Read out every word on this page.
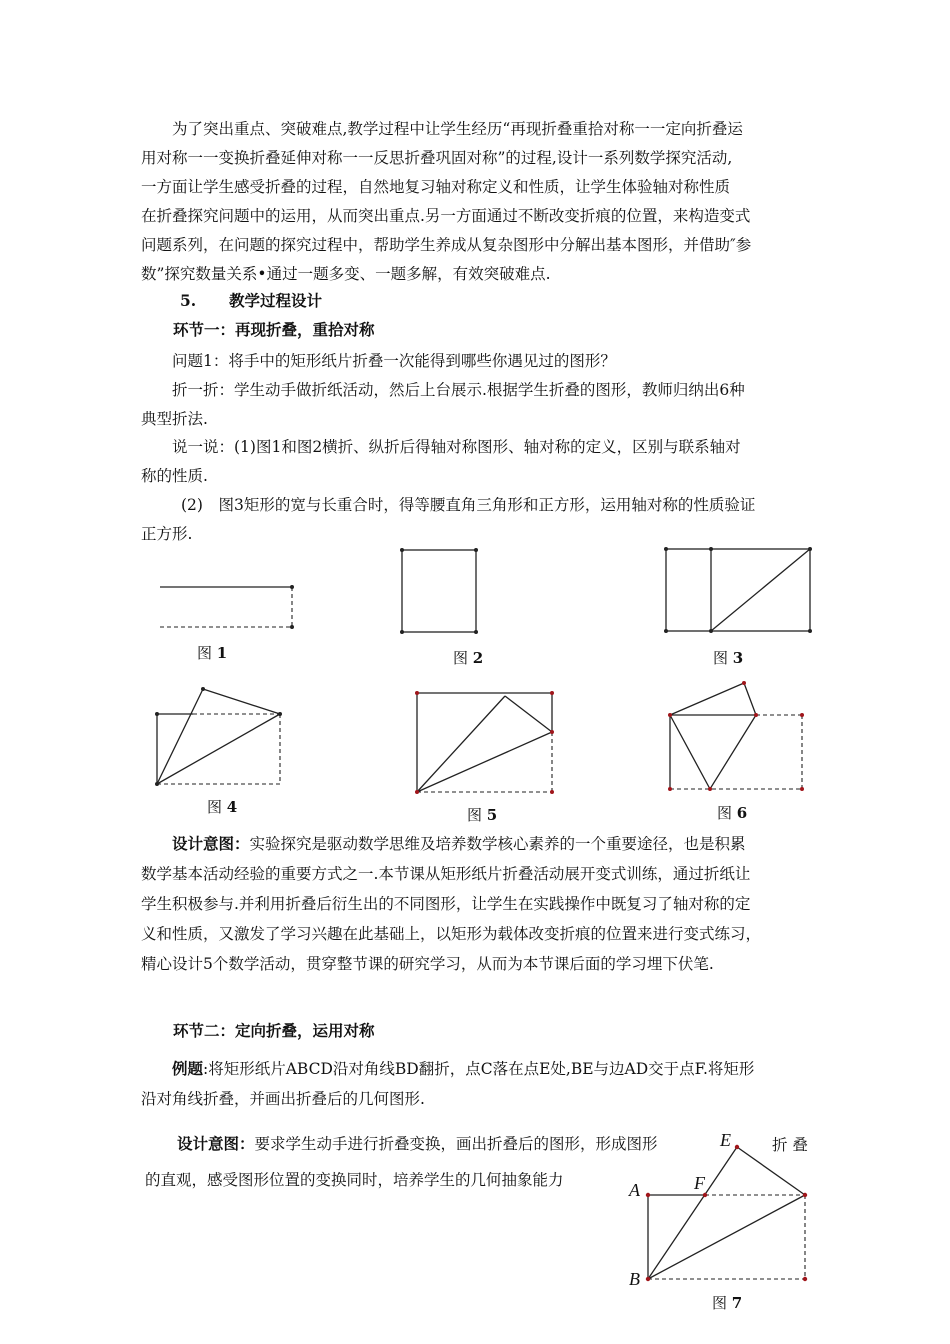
为了突出重点、突破难点,教学过程中让学生经历“再现折叠重拾对称一一定向折叠运
用对称一一变换折叠延伸对称一一反思折叠巩固对称”的过程,设计一系列数学探究活动,
一方面让学生感受折叠的过程，自然地复习轴对称定义和性质，让学生体验轴对称性质
在折叠探究问题中的运用，从而突出重点.另一方面通过不断改变折痕的位置，来构造变式
问题系列，在问题的探究过程中，帮助学生养成从复杂图形中分解出基本图形，并借助″参
数”探究数量关系•通过一题多变、一题多解，有效突破难点.
5. 教学过程设计
环节一：再现折叠，重拾对称
问题1：将手中的矩形纸片折叠一次能得到哪些你遇见过的图形？
折一折：学生动手做折纸活动，然后上台展示.根据学生折叠的图形，教师归纳出6种
典型折法.
说一说：(1)图1和图2横折、纵折后得轴对称图形、轴对称的定义，区别与联系轴对
称的性质.
(2)　图3矩形的宽与长重合时，得等腰直角三角形和正方形，运用轴对称的性质验证
正方形.
图 1	图 2	图 3
图 4	图 5	图 6
设计意图：实验探究是驱动数学思维及培养数学核心素养的一个重要途径，也是积累
数学基本活动经验的重要方式之一.本节课从矩形纸片折叠活动展开变式训练，通过折纸让
学生积极参与.并利用折叠后衍生出的不同图形，让学生在实践操作中既复习了轴对称的定
义和性质，又激发了学习兴趣在此基础上，以矩形为载体改变折痕的位置来进行变式练习，
精心设计5个数学活动，贯穿整节课的研究学习，从而为本节课后面的学习埋下伏笔.
环节二：定向折叠，运用对称
例题:将矩形纸片ABCD沿对角线BD翻折，点C落在点E处,BE与边AD交于点F.将矩形
沿对角线折叠，并画出折叠后的几何图形.
设计意图：要求学生动手进行折叠变换，画出折叠后的图形，形成图形
的直观，感受图形位置的变换同时，培养学生的几何抽象能力
折 叠
E
F
A
B
图 7
